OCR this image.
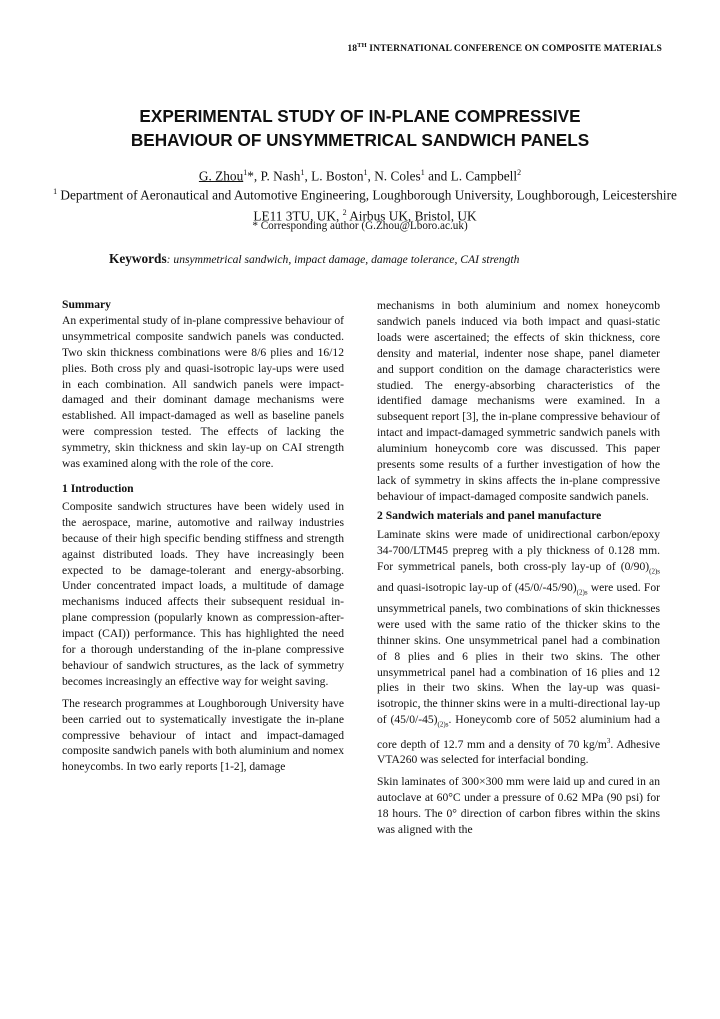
18TH INTERNATIONAL CONFERENCE ON COMPOSITE MATERIALS
EXPERIMENTAL STUDY OF IN-PLANE COMPRESSIVE
BEHAVIOUR OF UNSYMMETRICAL SANDWICH PANELS
G. Zhou$^1$*, P. Nash$^1$, L. Boston$^1$, N. Coles$^1$ and L. Campbell$^2$
$^1$ Department of Aeronautical and Automotive Engineering, Loughborough University, Loughborough, Leicestershire LE11 3TU, UK, $^2$ Airbus UK, Bristol, UK
* Corresponding author (G.Zhou@Lboro.ac.uk)
Keywords: unsymmetrical sandwich, impact damage, damage tolerance, CAI strength

Summary

An experimental study of in-plane compressive behaviour of unsymmetrical composite sandwich panels was conducted. Two skin thickness combinations were 8/6 plies and 16/12 plies. Both cross ply and quasi-isotropic lay-ups were used in each combination. All sandwich panels were impact-damaged and their dominant damage mechanisms were established. All impact-damaged as well as baseline panels were compression tested. The effects of lacking the symmetry, skin thickness and skin lay-up on CAI strength was examined along with the role of the core.

1 Introduction

Composite sandwich structures have been widely used in the aerospace, marine, automotive and railway industries because of their high specific bending stiffness and strength against distributed loads. They have increasingly been expected to be damage-tolerant and energy-absorbing. Under concentrated impact loads, a multitude of damage mechanisms induced affects their subsequent residual in-plane compression (popularly known as compression-after-impact (CAI)) performance. This has highlighted the need for a thorough understanding of the in-plane compressive behaviour of sandwich structures, as the lack of symmetry becomes increasingly an effective way for weight saving.

The research programmes at Loughborough University have been carried out to systematically investigate the in-plane compressive behaviour of intact and impact-damaged composite sandwich panels with both aluminium and nomex honeycombs. In two early reports [1-2], damage

mechanisms in both aluminium and nomex honeycomb sandwich panels induced via both impact and quasi-static loads were ascertained; the effects of skin thickness, core density and material, indenter nose shape, panel diameter and support condition on the damage characteristics were studied. The energy-absorbing characteristics of the identified damage mechanisms were examined. In a subsequent report [3], the in-plane compressive behaviour of intact and impact-damaged symmetric sandwich panels with aluminium honeycomb core was discussed. This paper presents some results of a further investigation of how the lack of symmetry in skins affects the in-plane compressive behaviour of impact-damaged composite sandwich panels.

2 Sandwich materials and panel manufacture

Laminate skins were made of unidirectional carbon/epoxy 34-700/LTM45 prepreg with a ply thickness of 0.128 mm. For symmetrical panels, both cross-ply lay-up of $(0/90)_{(2)s}$ and quasi-isotropic lay-up of $(45/0/-45/90)_{(2)s}$ were used. For unsymmetrical panels, two combinations of skin thicknesses were used with the same ratio of the thicker skins to the thinner skins. One unsymmetrical panel had a combination of 8 plies and 6 plies in their two skins. The other unsymmetrical panel had a combination of 16 plies and 12 plies in their two skins. When the lay-up was quasi-isotropic, the thinner skins were in a multi-directional lay-up of $(45/0/-45)_{(2)s}$. Honeycomb core of 5052 aluminium had a core depth of 12.7 mm and a density of 70 $kg/m^3$. Adhesive VTA260 was selected for interfacial bonding.

Skin laminates of 300×300 mm were laid up and cured in an autoclave at 60°C under a pressure of 0.62 MPa (90 psi) for 18 hours. The 0° direction of carbon fibres within the skins was aligned with the
